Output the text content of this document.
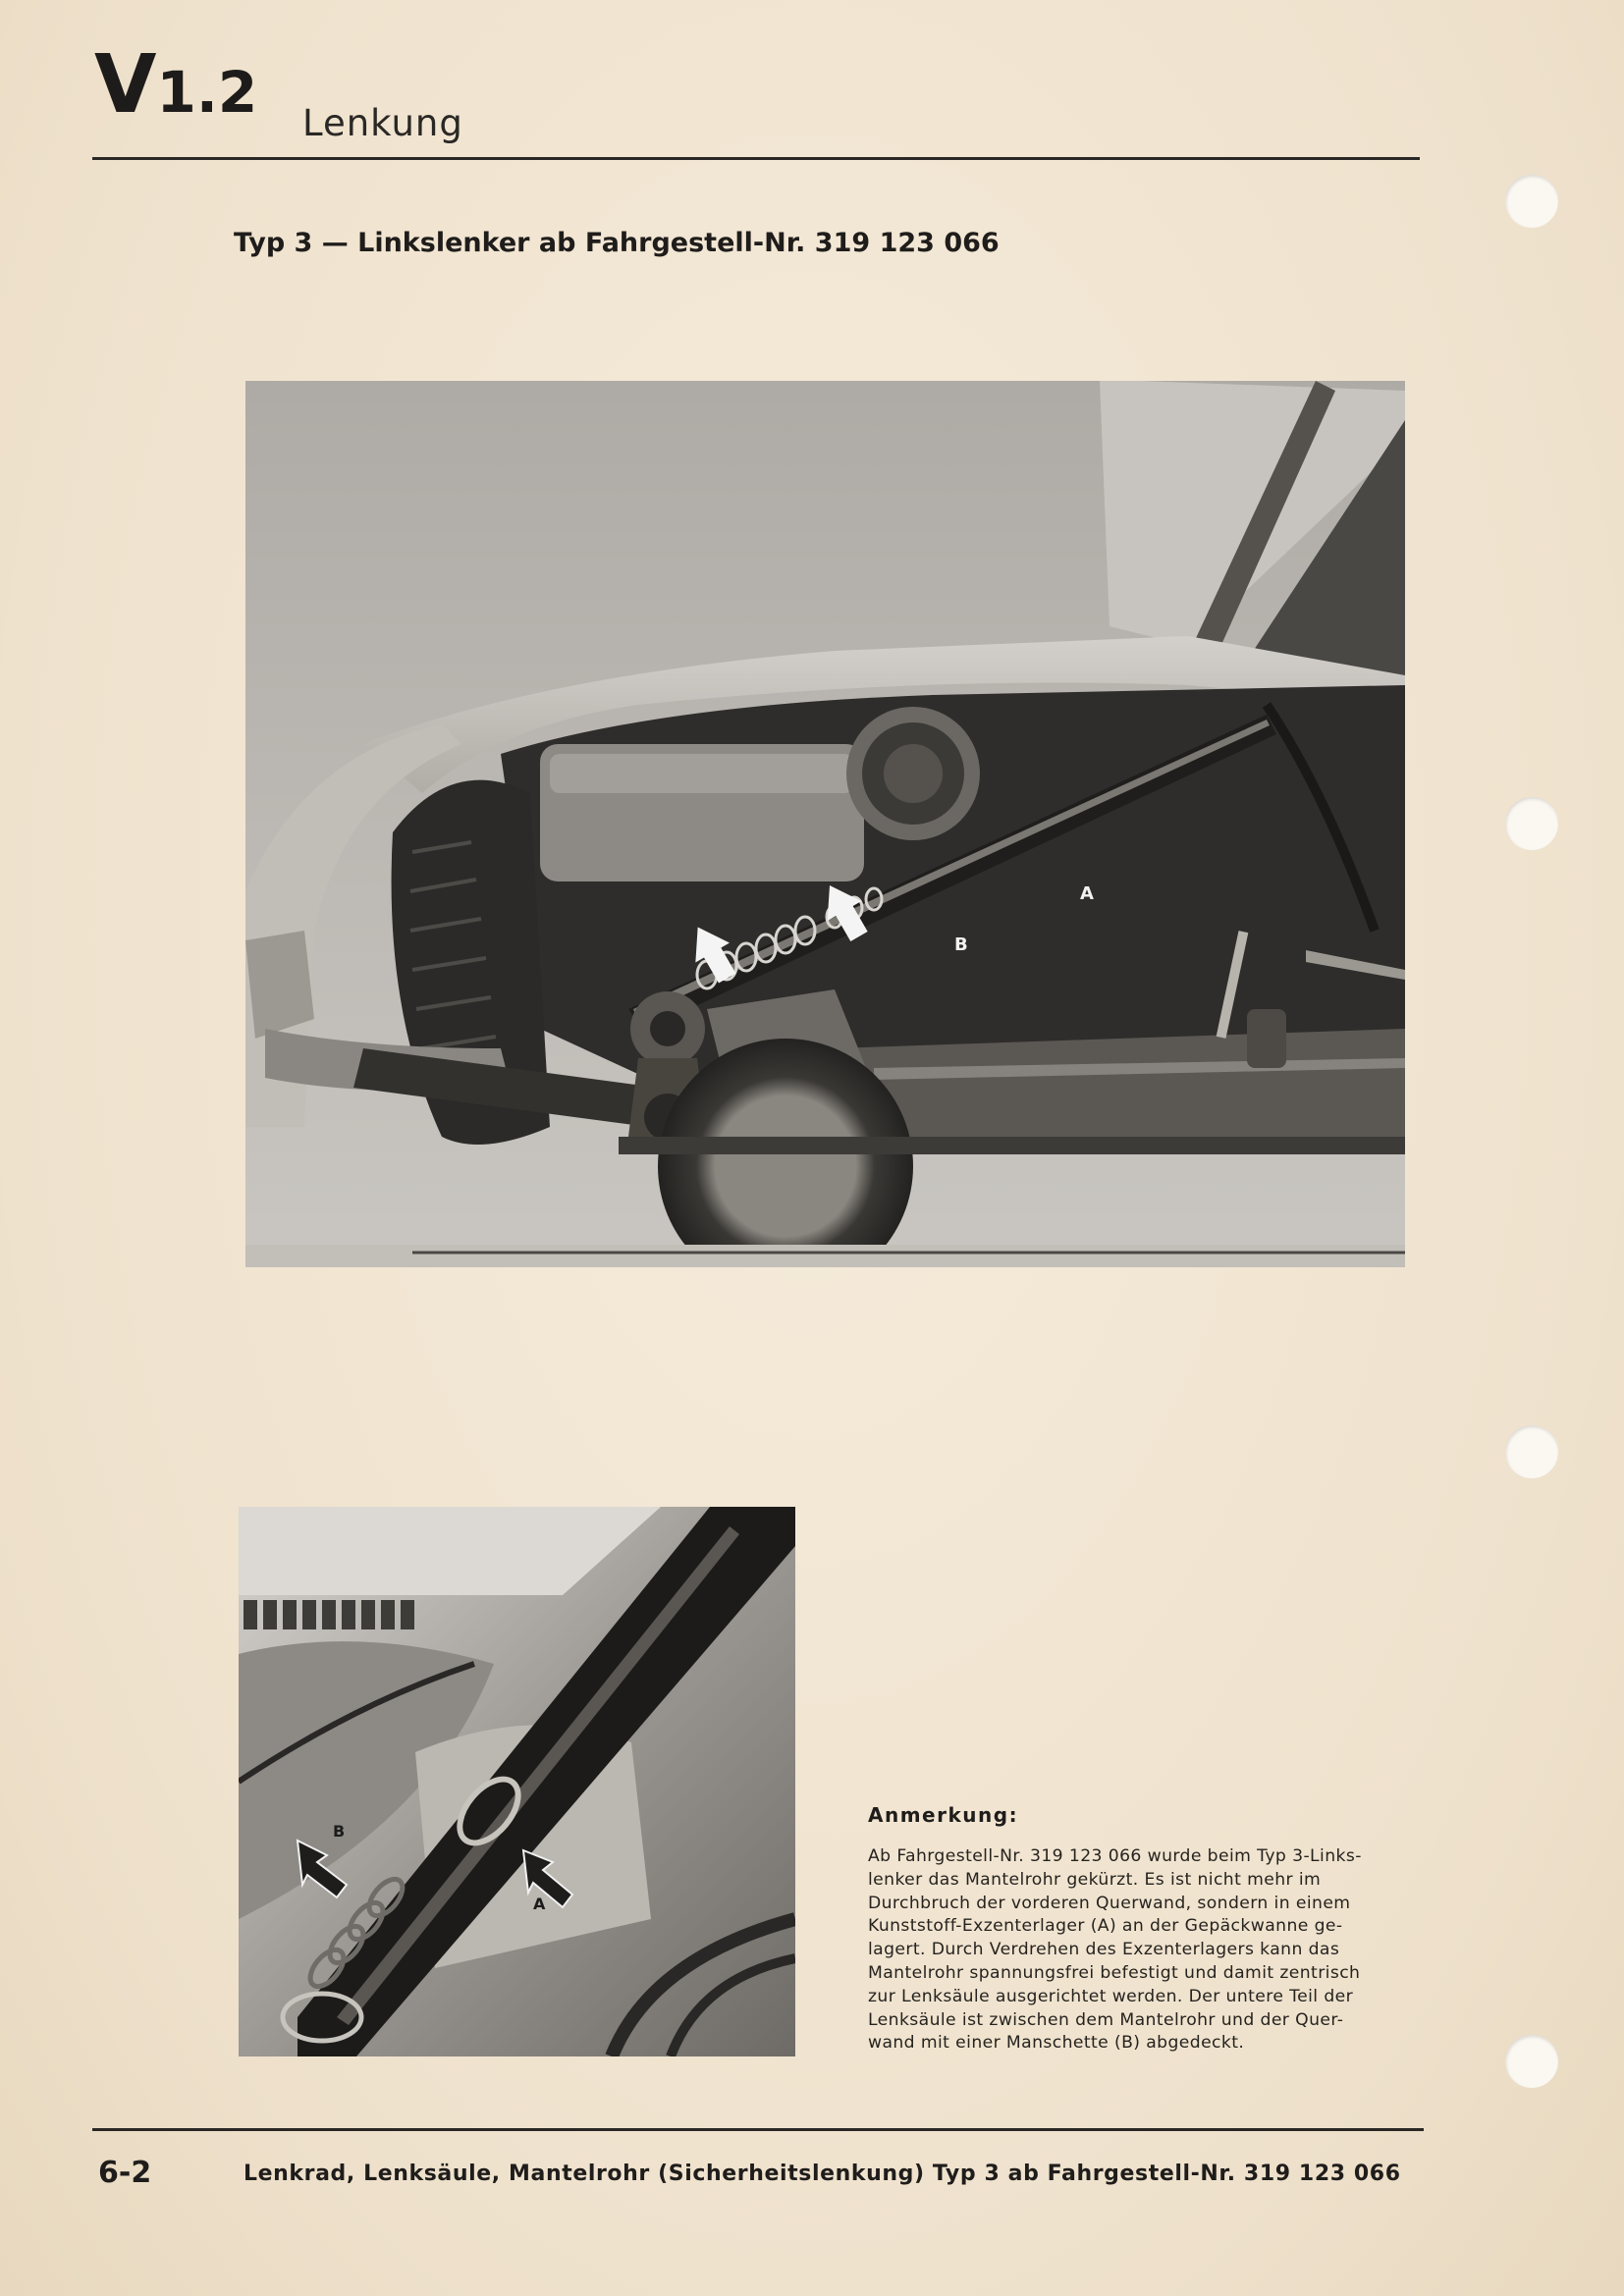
V1.2 Lenkung
Typ 3 — Linkslenker ab Fahrgestell-Nr. 319 123 066
B
A
B
A
Anmerkung:
Ab Fahrgestell-Nr. 319 123 066 wurde beim Typ 3-Links-
lenker das Mantelrohr gekürzt. Es ist nicht mehr im
Durchbruch der vorderen Querwand, sondern in einem
Kunststoff-Exzenterlager (A) an der Gepäckwanne ge-
lagert. Durch Verdrehen des Exzenterlagers kann das
Mantelrohr spannungsfrei befestigt und damit zentrisch
zur Lenksäule ausgerichtet werden. Der untere Teil der
Lenksäule ist zwischen dem Mantelrohr und der Quer-
wand mit einer Manschette (B) abgedeckt.
6-2	Lenkrad, Lenksäule, Mantelrohr (Sicherheitslenkung) Typ 3 ab Fahrgestell-Nr. 319 123 066
